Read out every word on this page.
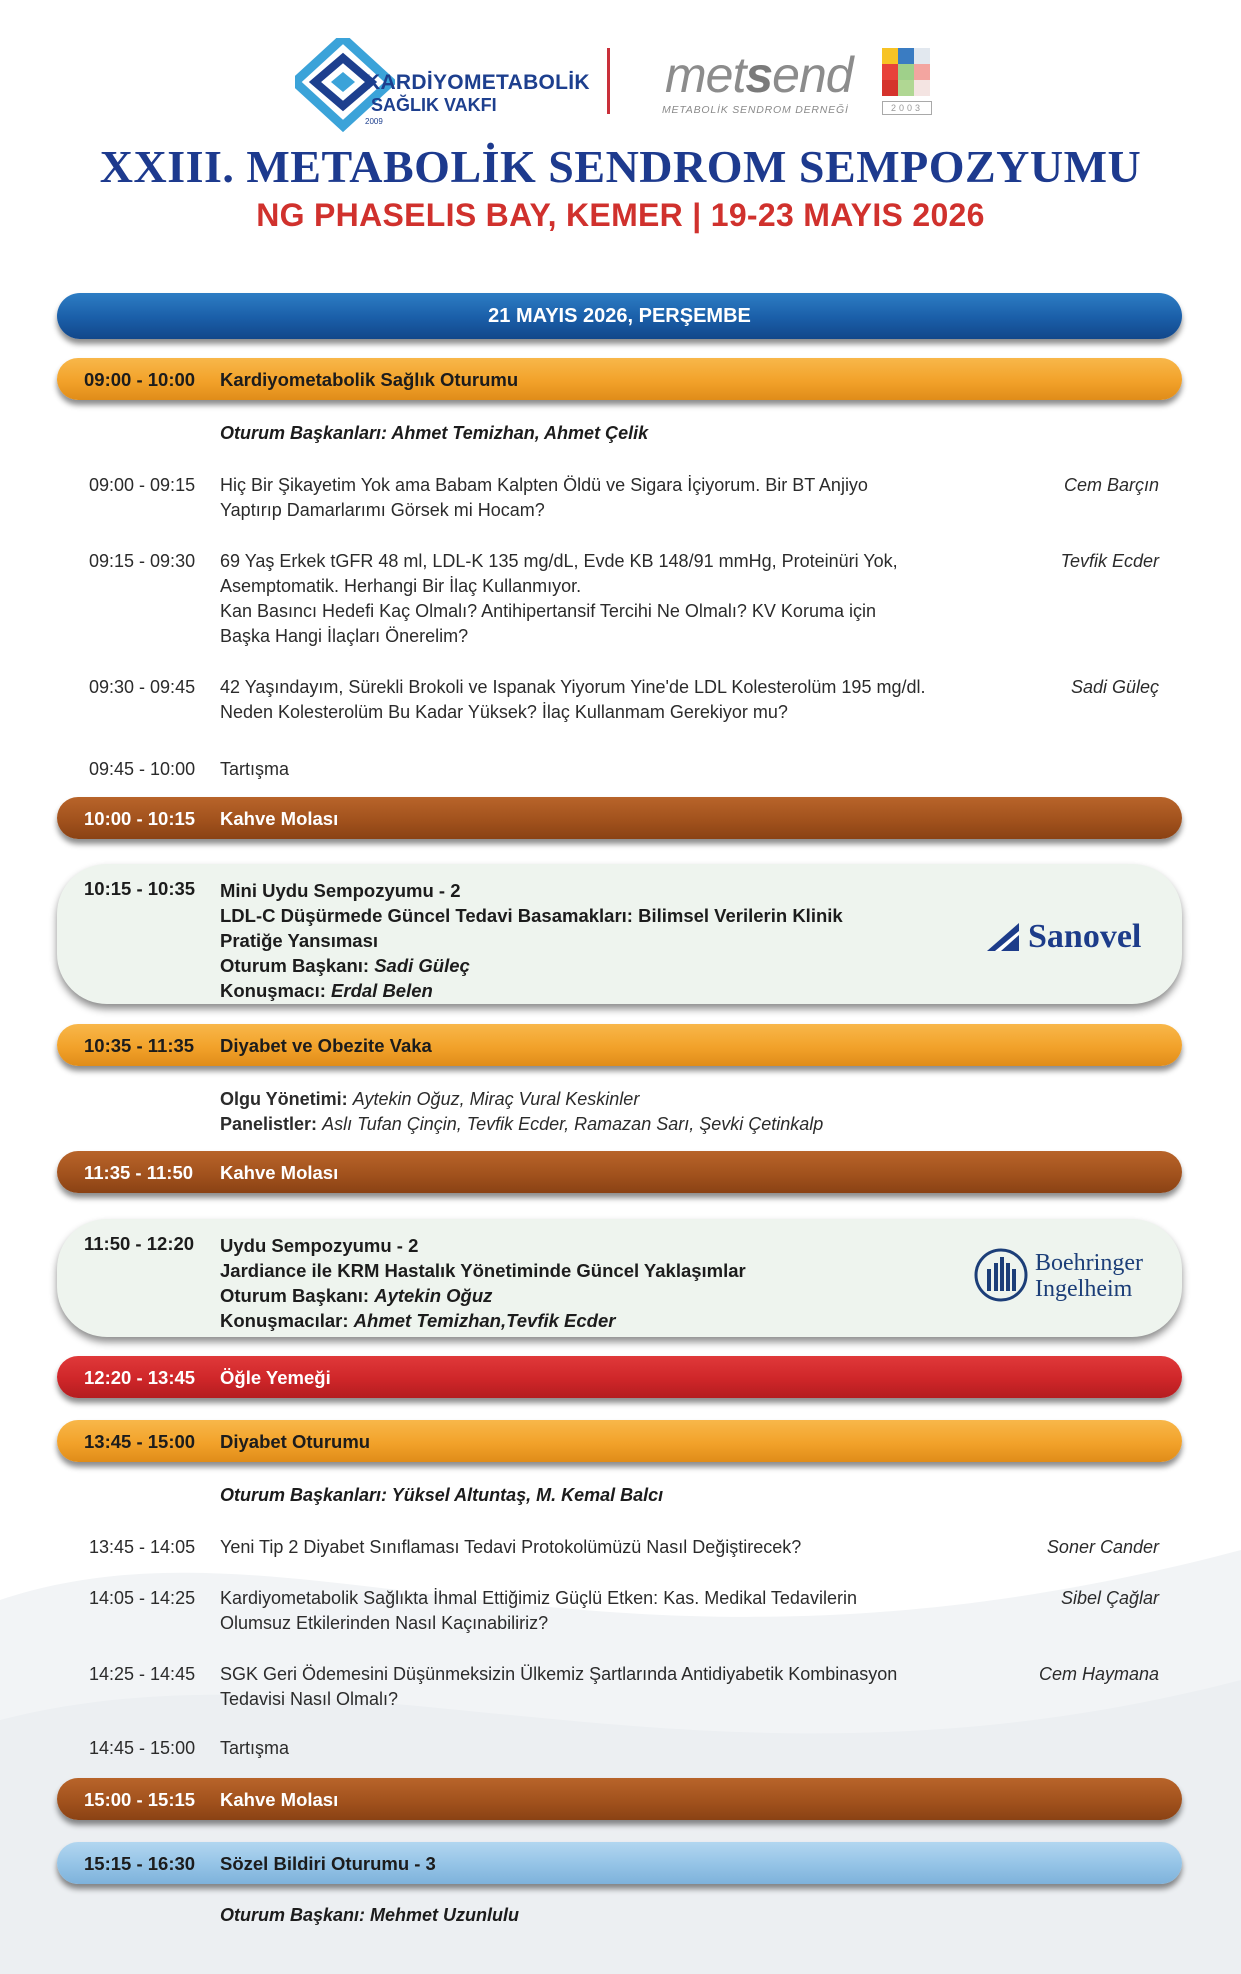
KARDİYOMETABOLİK
SAĞLIK VAKFI
2009
metsend
METABOLİK SENDROM DERNEĞİ	2003
XXIII. METABOLİK SENDROM SEMPOZYUMU
NG PHASELIS BAY, KEMER | 19-23 MAYIS 2026
21 MAYIS 2026, PERŞEMBE
09:00 - 10:00 Kardiyometabolik Sağlık Oturumu
Oturum Başkanları: Ahmet Temizhan, Ahmet Çelik
09:00 - 09:15 Hiç Bir Şikayetim Yok ama Babam Kalpten Öldü ve Sigara İçiyorum. Bir BT Anjiyo
Yaptırıp Damarlarımı Görsek mi Hocam?
Cem Barçın
09:15 - 09:30 69 Yaş Erkek tGFR 48 ml, LDL-K 135 mg/dL, Evde KB 148/91 mmHg, Proteinüri Yok,
Asemptomatik. Herhangi Bir İlaç Kullanmıyor.
Kan Basıncı Hedefi Kaç Olmalı? Antihipertansif Tercihi Ne Olmalı? KV Koruma için
Başka Hangi İlaçları Önerelim?
Tevfik Ecder
09:30 - 09:45 42 Yaşındayım, Sürekli Brokoli ve Ispanak Yiyorum Yine'de LDL Kolesterolüm 195 mg/dl.
Neden Kolesterolüm Bu Kadar Yüksek? İlaç Kullanmam Gerekiyor mu?
Sadi Güleç
09:45 - 10:00 Tartışma
10:00 - 10:15 Kahve Molası
10:15 - 10:35 Mini Uydu Sempozyumu - 2
LDL-C Düşürmede Güncel Tedavi Basamakları: Bilimsel Verilerin Klinik
Pratiğe Yansıması
Oturum Başkanı: Sadi Güleç
Konuşmacı: Erdal Belen
Sanovel
10:35 - 11:35 Diyabet ve Obezite Vaka
Olgu Yönetimi: Aytekin Oğuz, Miraç Vural Keskinler
Panelistler: Aslı Tufan Çinçin, Tevfik Ecder, Ramazan Sarı, Şevki Çetinkalp
11:35 - 11:50 Kahve Molası
11:50 - 12:20 Uydu Sempozyumu - 2
Jardiance ile KRM Hastalık Yönetiminde Güncel Yaklaşımlar
Oturum Başkanı: Aytekin Oğuz
Konuşmacılar: Ahmet Temizhan,Tevfik Ecder
Boehringer
Ingelheim
12:20 - 13:45 Öğle Yemeği
13:45 - 15:00 Diyabet Oturumu
Oturum Başkanları: Yüksel Altuntaş, M. Kemal Balcı
13:45 - 14:05 Yeni Tip 2 Diyabet Sınıflaması Tedavi Protokolümüzü Nasıl Değiştirecek?	Soner Cander
14:05 - 14:25 Kardiyometabolik Sağlıkta İhmal Ettiğimiz Güçlü Etken: Kas. Medikal Tedavilerin
Olumsuz Etkilerinden Nasıl Kaçınabiliriz?
Sibel Çağlar
14:25 - 14:45 SGK Geri Ödemesini Düşünmeksizin Ülkemiz Şartlarında Antidiyabetik Kombinasyon
Tedavisi Nasıl Olmalı?
Cem Haymana
14:45 - 15:00 Tartışma
15:00 - 15:15 Kahve Molası
15:15 - 16:30 Sözel Bildiri Oturumu - 3
Oturum Başkanı: Mehmet Uzunlulu
